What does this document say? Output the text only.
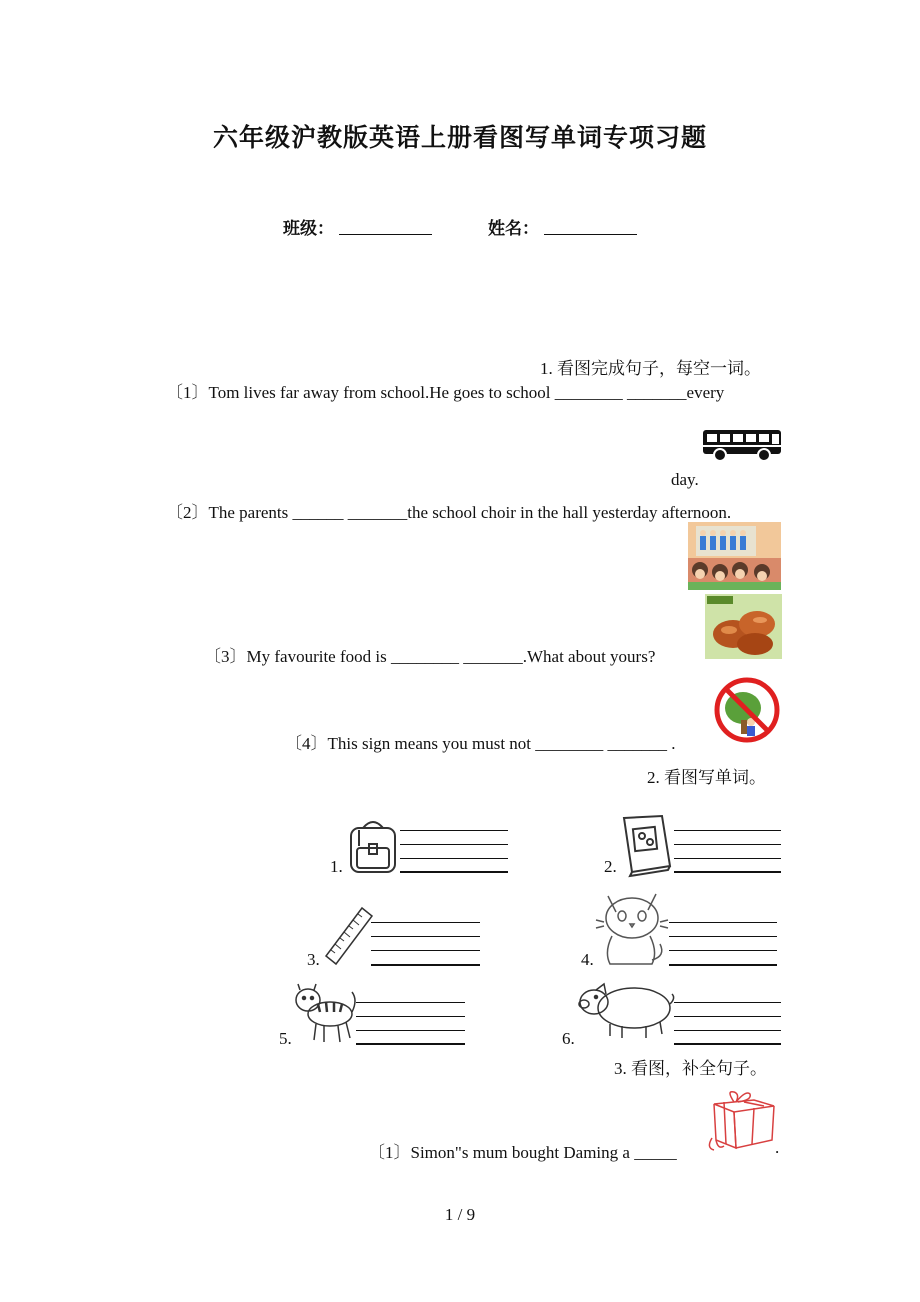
六年级沪教版英语上册看图写单词专项习题
班级：	姓名：
1. 看图完成句子，每空一词。
〔1〕Tom lives far away from school.He goes to school ________ _______every
day.
〔2〕The parents ______ _______the school choir in the hall yesterday afternoon.
〔3〕My favourite food is ________ _______.What about yours?
〔4〕This sign means you must not ________ _______ .
2. 看图写单词。
1.	2.
3.	4.
5.	6.
3. 看图，补全句子。
〔1〕Simon"s mum bought Daming a _____	.
1 / 9
